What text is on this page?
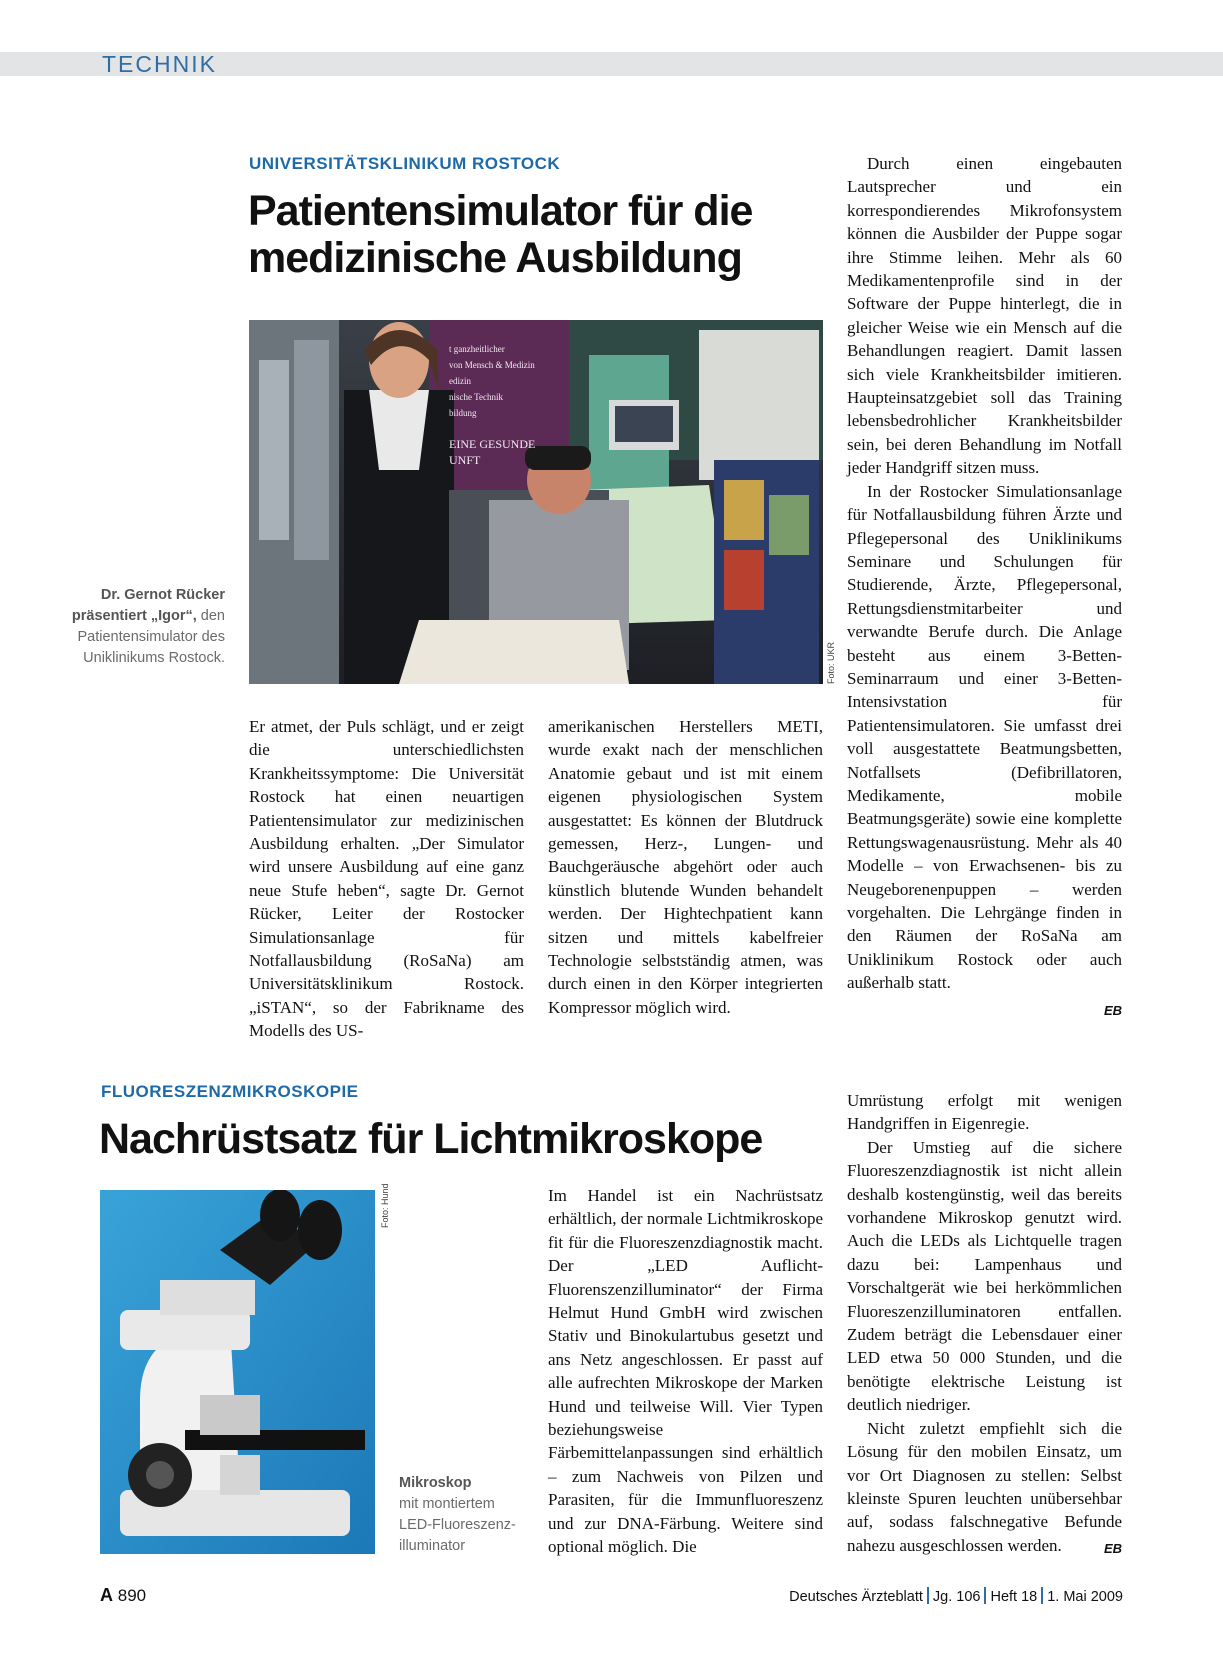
TECHNIK
UNIVERSITÄTSKLINIKUM ROSTOCK
Patientensimulator für die
medizinische Ausbildung
t ganzheitlicher
von Mensch & Medizin
edizin
nische Technik
bildung
EINE GESUNDE
UNFT
Foto: UKR
Dr. Gernot Rücker präsentiert „Igor“, den Patientensimulator des Uniklinikums Rostock.

Er atmet, der Puls schlägt, und er zeigt die unterschiedlichsten Krankheitssymptome: Die Universität Rostock hat einen neuartigen Patientensimulator zur medizinischen Ausbildung erhalten. „Der Simulator wird unsere Ausbildung auf eine ganz neue Stufe heben“, sagte Dr. Gernot Rücker, Leiter der Rostocker Simulationsanlage für Notfallausbildung (RoSaNa) am Universitätsklinikum Rostock. „iSTAN“, so der Fabrikname des Modells des US-

amerikanischen Herstellers METI, wurde exakt nach der menschlichen Anatomie gebaut und ist mit einem eigenen physiologischen System ausgestattet: Es können der Blutdruck gemessen, Herz-, Lungen- und Bauchgeräusche abgehört oder auch künstlich blutende Wunden behandelt werden. Der Hightechpatient kann sitzen und mittels kabelfreier Technologie selbstständig atmen, was durch einen in den Körper integrierten Kompressor möglich wird.

Durch einen eingebauten Lautsprecher und ein korrespondierendes Mikrofonsystem können die Ausbilder der Puppe sogar ihre Stimme leihen. Mehr als 60 Medikamentenprofile sind in der Software der Puppe hinterlegt, die in gleicher Weise wie ein Mensch auf die Behandlungen reagiert. Damit lassen sich viele Krankheitsbilder imitieren. Haupteinsatzgebiet soll das Training lebensbedrohlicher Krankheitsbilder sein, bei deren Behandlung im Notfall jeder Handgriff sitzen muss.

In der Rostocker Simulationsanlage für Notfallausbildung führen Ärzte und Pflegepersonal des Uniklinikums Seminare und Schulungen für Studierende, Ärzte, Pflegepersonal, Rettungsdienstmitarbeiter und verwandte Berufe durch. Die Anlage besteht aus einem 3-Betten-Seminarraum und einer 3-Betten-Intensivstation für Patientensimulatoren. Sie umfasst drei voll ausgestattete Beatmungsbetten, Notfallsets (Defibrillatoren, Medikamente, mobile Beatmungsgeräte) sowie eine komplette Rettungswagenausrüstung. Mehr als 40 Modelle – von Erwachsenen- bis zu Neugeborenenpuppen – werden vorgehalten. Die Lehrgänge finden in den Räumen der RoSaNa am Uniklinikum Rostock oder auch außerhalb statt.

EB
FLUORESZENZMIKROSKOPIE
Nachrüstsatz für Lichtmikroskope
Foto: Hund
Mikroskop
mit montiertem LED-Fluoreszenz-illuminator

Im Handel ist ein Nachrüstsatz erhältlich, der normale Lichtmikroskope fit für die Fluoreszenzdiagnostik macht. Der „LED Auflicht-Fluorenszenzilluminator“ der Firma Helmut Hund GmbH wird zwischen Stativ und Binokulartubus gesetzt und ans Netz angeschlossen. Er passt auf alle aufrechten Mikroskope der Marken Hund und teilweise Will. Vier Typen beziehungsweise Färbemittelanpassungen sind erhältlich – zum Nachweis von Pilzen und Parasiten, für die Immunfluoreszenz und zur DNA-Färbung. Weitere sind optional möglich. Die

Umrüstung erfolgt mit wenigen Handgriffen in Eigenregie.

Der Umstieg auf die sichere Fluoreszenzdiagnostik ist nicht allein deshalb kostengünstig, weil das bereits vorhandene Mikroskop genutzt wird. Auch die LEDs als Lichtquelle tragen dazu bei: Lampenhaus und Vorschaltgerät wie bei herkömmlichen Fluoreszenzilluminatoren entfallen. Zudem beträgt die Lebensdauer einer LED etwa 50 000 Stunden, und die benötigte elektrische Leistung ist deutlich niedriger.

Nicht zuletzt empfiehlt sich die Lösung für den mobilen Einsatz, um vor Ort Diagnosen zu stellen: Selbst kleinste Spuren leuchten unübersehbar auf, sodass falschnegative Befunde nahezu ausgeschlossen werden.	EB
A 890	Deutsches Ärzteblatt Jg. 106 Heft 18 1. Mai 2009
